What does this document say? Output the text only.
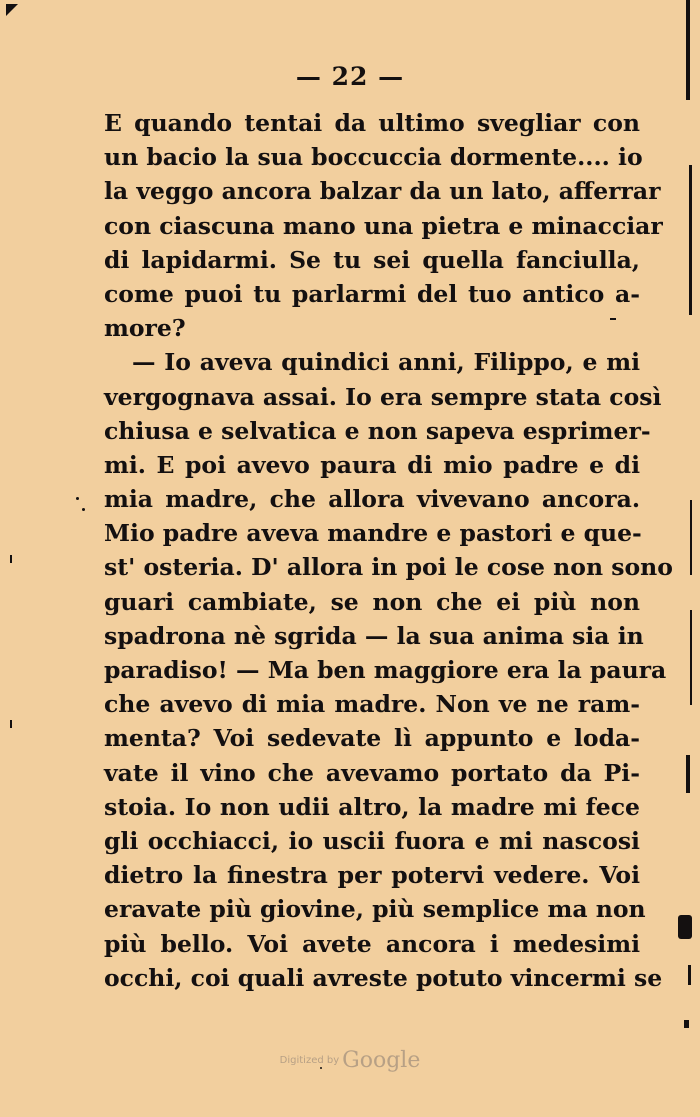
— 22 —
E quando tentai da ultimo svegliar con
un bacio la sua boccuccia dormente.... io
la veggo ancora balzar da un lato, afferrar
con ciascuna mano una pietra e minacciar
di lapidarmi. Se tu sei quella fanciulla,
come puoi tu parlarmi del tuo antico a-
more?
— Io aveva quindici anni, Filippo, e mi
vergognava assai. Io era sempre stata così
chiusa e selvatica e non sapeva esprimer-
mi. E poi avevo paura di mio padre e di
mia madre, che allora vivevano ancora.
Mio padre aveva mandre e pastori e que-
st' osteria. D' allora in poi le cose non sono
guari cambiate, se non che ei più non
spadrona nè sgrida — la sua anima sia in
paradiso! — Ma ben maggiore era la paura
che avevo di mia madre. Non ve ne ram-
menta? Voi sedevate lì appunto e loda-
vate il vino che avevamo portato da Pi-
stoia. Io non udii altro, la madre mi fece
gli occhiacci, io uscii fuora e mi nascosi
dietro la finestra per potervi vedere. Voi
eravate più giovine, più semplice ma non
più bello. Voi avete ancora i medesimi
occhi, coi quali avreste potuto vincermi se
Digitized by Google
